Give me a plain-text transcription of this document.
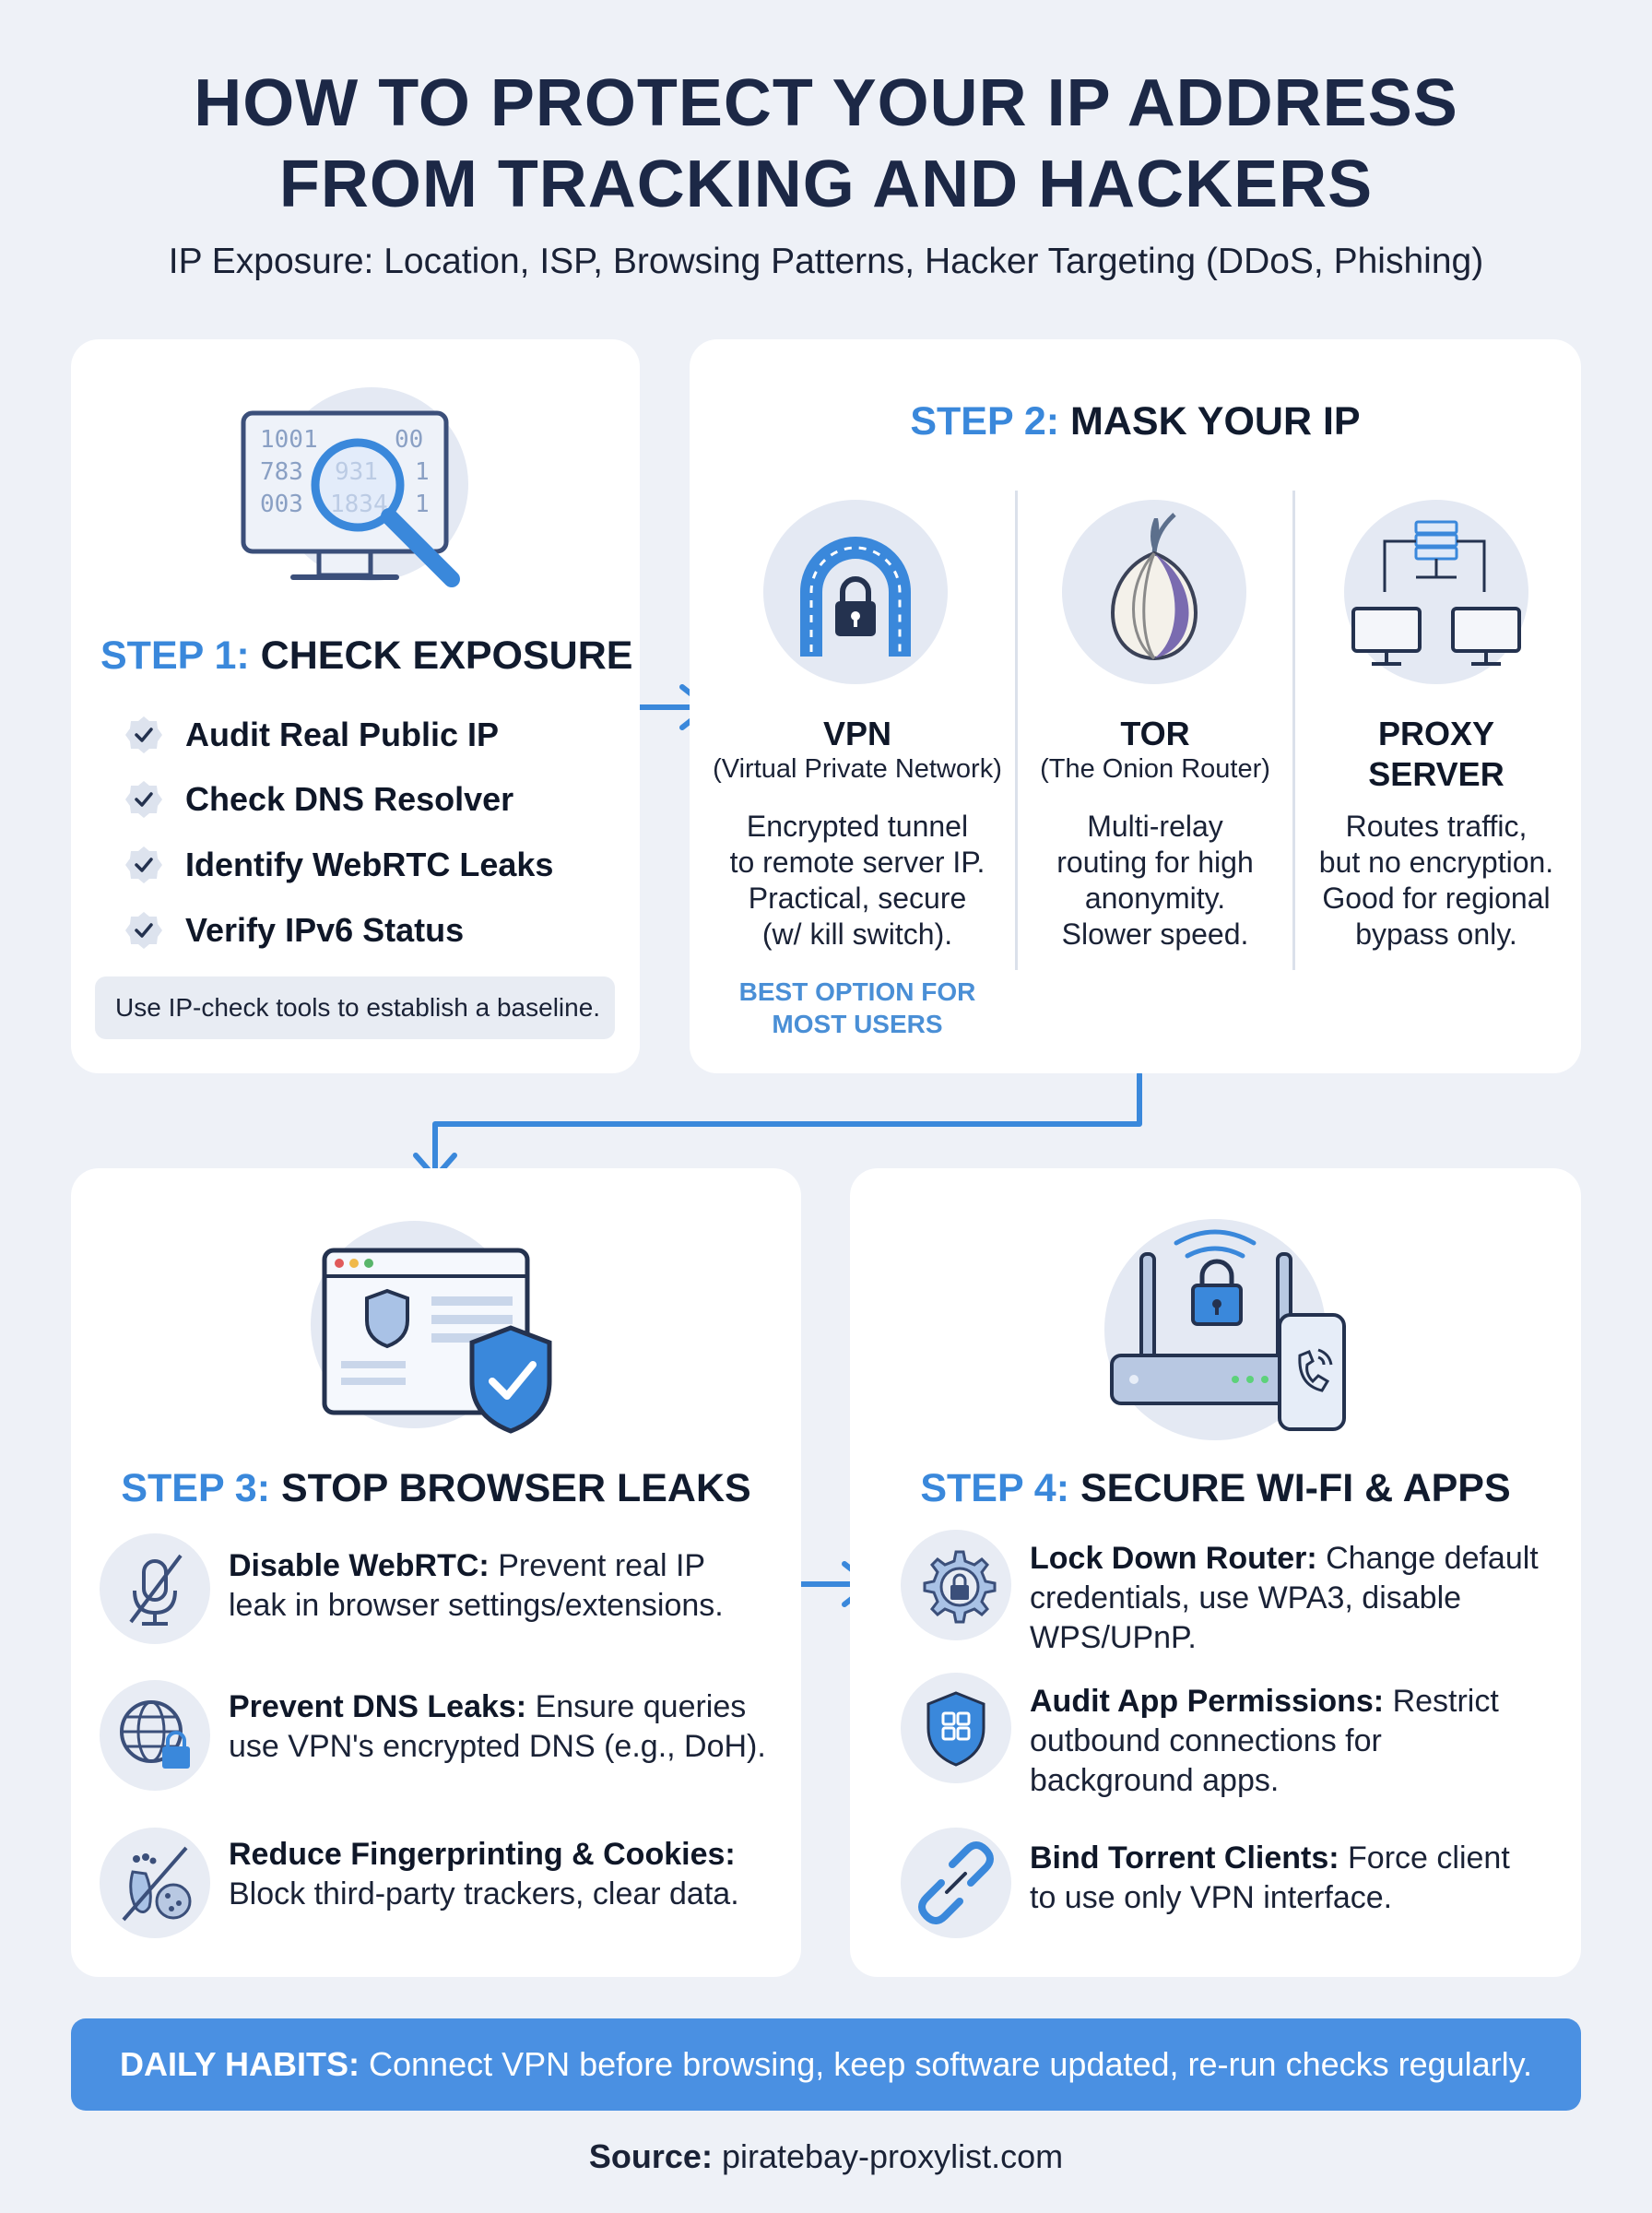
HOW TO PROTECT YOUR IP ADDRESS
FROM TRACKING AND HACKERS
IP Exposure: Location, ISP, Browsing Patterns, Hacker Targeting (DDoS, Phishing)
1001	00
783	1
003	1
STEP 1: CHECK EXPOSURE
Audit Real Public IP
Check DNS Resolver
Identify WebRTC Leaks
Verify IPv6 Status
Use IP-check tools to establish a baseline.
STEP 2: MASK YOUR IP
VPN
(Virtual Private Network)
Encrypted tunnel
to remote server IP.
Practical, secure
(w/ kill switch).
BEST OPTION FOR
MOST USERS
TOR
(The Onion Router)
Multi-relay
routing for high
anonymity.
Slower speed.
PROXY
SERVER
Routes traffic,
but no encryption.
Good for regional
bypass only.
STEP 3: STOP BROWSER LEAKS
Disable WebRTC: Prevent real IP
leak in browser settings/extensions.
Prevent DNS Leaks: Ensure queries
use VPN's encrypted DNS (e.g., DoH).
Reduce Fingerprinting & Cookies:
Block third-party trackers, clear data.
STEP 4: SECURE WI-FI & APPS
Lock Down Router: Change default
credentials, use WPA3, disable
WPS/UPnP.
Audit App Permissions: Restrict
outbound connections for
background apps.
Bind Torrent Clients: Force client
to use only VPN interface.
DAILY HABITS: Connect VPN before browsing, keep software updated, re-run checks regularly.
Source: piratebay-proxylist.com
